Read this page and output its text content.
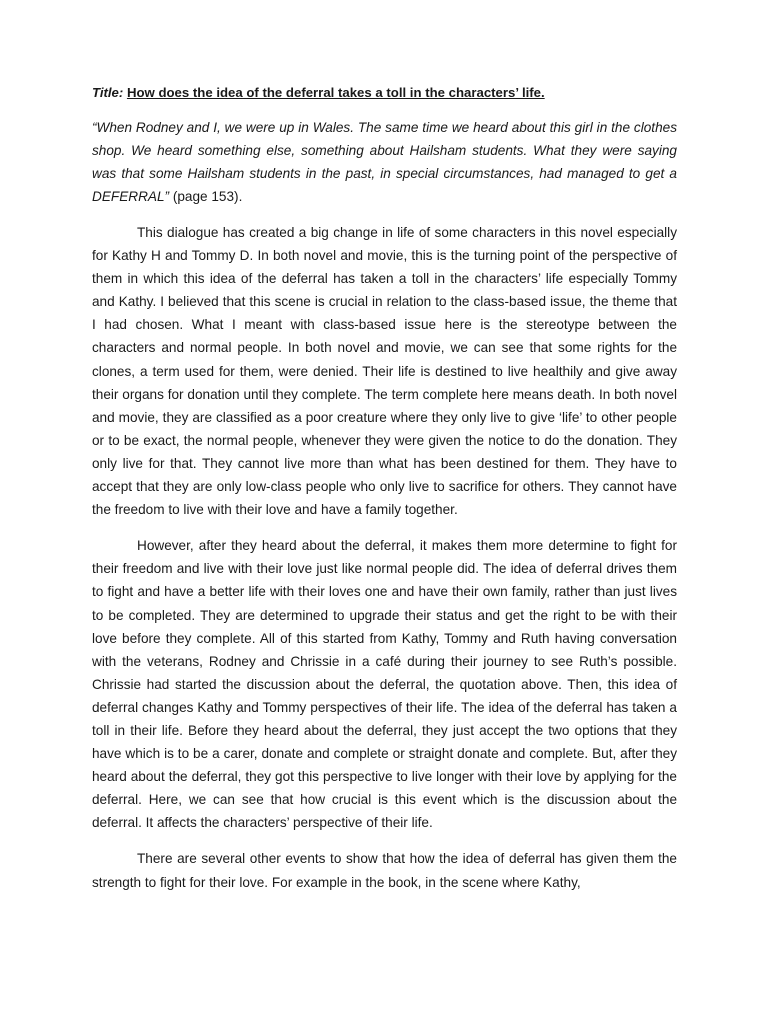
Title: How does the idea of the deferral takes a toll in the characters’ life.

“When Rodney and I, we were up in Wales. The same time we heard about this girl in the clothes shop. We heard something else, something about Hailsham students. What they were saying was that some Hailsham students in the past, in special circumstances, had managed to get a DEFERRAL” (page 153).

This dialogue has created a big change in life of some characters in this novel especially for Kathy H and Tommy D. In both novel and movie, this is the turning point of the perspective of them in which this idea of the deferral has taken a toll in the characters’ life especially Tommy and Kathy. I believed that this scene is crucial in relation to the class-based issue, the theme that I had chosen. What I meant with class-based issue here is the stereotype between the characters and normal people. In both novel and movie, we can see that some rights for the clones, a term used for them, were denied. Their life is destined to live healthily and give away their organs for donation until they complete. The term complete here means death. In both novel and movie, they are classified as a poor creature where they only live to give ‘life’ to other people or to be exact, the normal people, whenever they were given the notice to do the donation. They only live for that. They cannot live more than what has been destined for them. They have to accept that they are only low-class people who only live to sacrifice for others. They cannot have the freedom to live with their love and have a family together.

However, after they heard about the deferral, it makes them more determine to fight for their freedom and live with their love just like normal people did. The idea of deferral drives them to fight and have a better life with their loves one and have their own family, rather than just lives to be completed. They are determined to upgrade their status and get the right to be with their love before they complete. All of this started from Kathy, Tommy and Ruth having conversation with the veterans, Rodney and Chrissie in a café during their journey to see Ruth’s possible. Chrissie had started the discussion about the deferral, the quotation above. Then, this idea of deferral changes Kathy and Tommy perspectives of their life. The idea of the deferral has taken a toll in their life. Before they heard about the deferral, they just accept the two options that they have which is to be a carer, donate and complete or straight donate and complete. But, after they heard about the deferral, they got this perspective to live longer with their love by applying for the deferral. Here, we can see that how crucial is this event which is the discussion about the deferral. It affects the characters’ perspective of their life.

There are several other events to show that how the idea of deferral has given them the strength to fight for their love. For example in the book, in the scene where Kathy,
